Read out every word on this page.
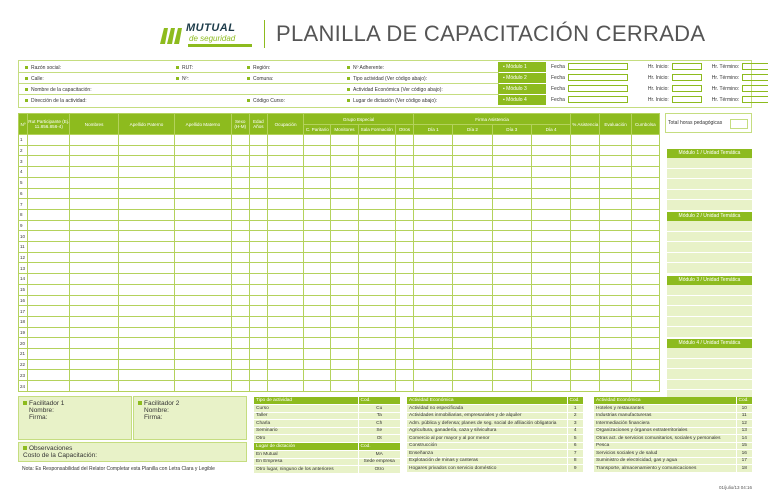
MUTUAL
de seguridad PLANILLA DE CAPACITACIÓN CERRADA
Razón social:
Calle:
Nombre de la capacitación:
Dirección de la actividad:
RUT:
Nº:
Región:
Comuna:
Código Curso:
Nº Adherente:
Tipo actividad (Ver código abajo):
Actividad Económica (Ver código abajo):
Lugar de dictación (Ver código abajo):
▪ Módulo 1	Fecha	Hr. Inicio:	Hr. Término:
▪ Módulo 2	Fecha	Hr. Inicio:	Hr. Término:
▪ Módulo 3	Fecha	Hr. Inicio:	Hr. Término:
▪ Módulo 4	Fecha	Hr. Inicio:	Hr. Término:
Nº	Rut Participante (Ej. 11.856.856-4)	Nombres	Apellido Paterno	Apellido Materno	Sexo (H-M)	Edad Años	Ocupación	Grupo Especial				Firma Asistencia				% Asistencia	Evaluación	Cumbolsa
								C. Paritario	Monitores	Sala Formación	Otros	Día 1	Día 2	Día 3	Día 4			
1																		
2																		
3																		
4																		
5																		
6																		
7																		
8																		
9																		
10																		
11																		
12																		
13																		
14																		
15																		
16																		
17																		
18																		
19																		
20																		
21																		
22																		
23																		
24																		
Total horas pedagógicas
Módulo 1 / Unidad Temática
Módulo 2 / Unidad Temática
Módulo 3 / Unidad Temática
Módulo 4 / Unidad Temática
Facilitador 1
Nombre:
Firma:
Facilitador 2
Nombre:
Firma:
Observaciones
Costo de la Capacitación:
Nota: Es Responsabilidad del Relator Completar esta Planilla con Letra Clara y Legible
Tipo de actividad	Cod.
Curso	Cu
Taller	Ta
Charla	Ch
Seminario	Se
Otro	Ot
Lugar de dictación	Cod.
En Mutual	MA
En Empresa	Sede empresa
Otro lugar, ninguno de los anteriores	Otro
Actividad Económica	Cod.
Actividad no especificada	1
Actividades inmobiliarias, empresariales y de alquiler	2
Adm. pública y defensa; planes de seg. social de afiliación obligatoria	3
Agricultura, ganadería, caza y silvicultura	4
Comercio al por mayor y al por menor	5
Construcción	6
Enseñanza	7
Explotación de minas y canteras	8
Hogares privados con servicio doméstico	9
Actividad Económica	Cod.
Hoteles y restaurantes	10
Industrias manufactureras	11
Intermediación financiera	12
Organizaciones y órganos extraterritoriales	13
Otras act. de servicios comunitarios, sociales y personales	14
Pesca	15
Servicios sociales y de salud	16
Suministro de electricidad, gas y agua	17
Transporte, almacenamiento y comunicaciones	18
01/julio/13 04:16
